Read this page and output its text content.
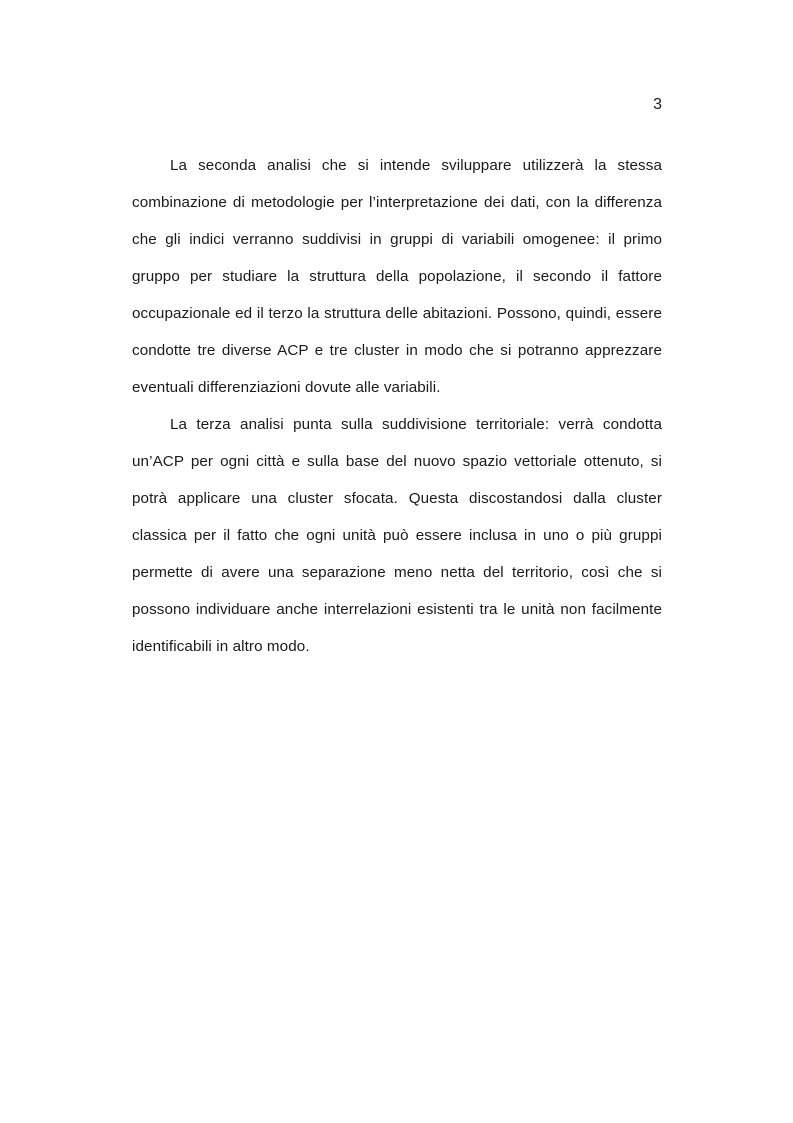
3

La seconda analisi che si intende sviluppare utilizzerà la stessa combinazione di metodologie per l’interpretazione dei dati, con la differenza che gli indici verranno suddivisi in gruppi di variabili omogenee: il primo gruppo per studiare la struttura della popolazione, il secondo il fattore occupazionale ed il terzo la struttura delle abitazioni. Possono, quindi, essere condotte tre diverse ACP e tre cluster in modo che si potranno apprezzare eventuali differenziazioni dovute alle variabili.

La terza analisi punta sulla suddivisione territoriale: verrà condotta un’ACP per ogni città e sulla base del nuovo spazio vettoriale ottenuto, si potrà applicare una cluster sfocata. Questa discostandosi dalla cluster classica per il fatto che ogni unità può essere inclusa in uno o più gruppi permette di avere una separazione meno netta del territorio, così che si possono individuare anche interrelazioni esistenti tra le unità non facilmente identificabili in altro modo.
